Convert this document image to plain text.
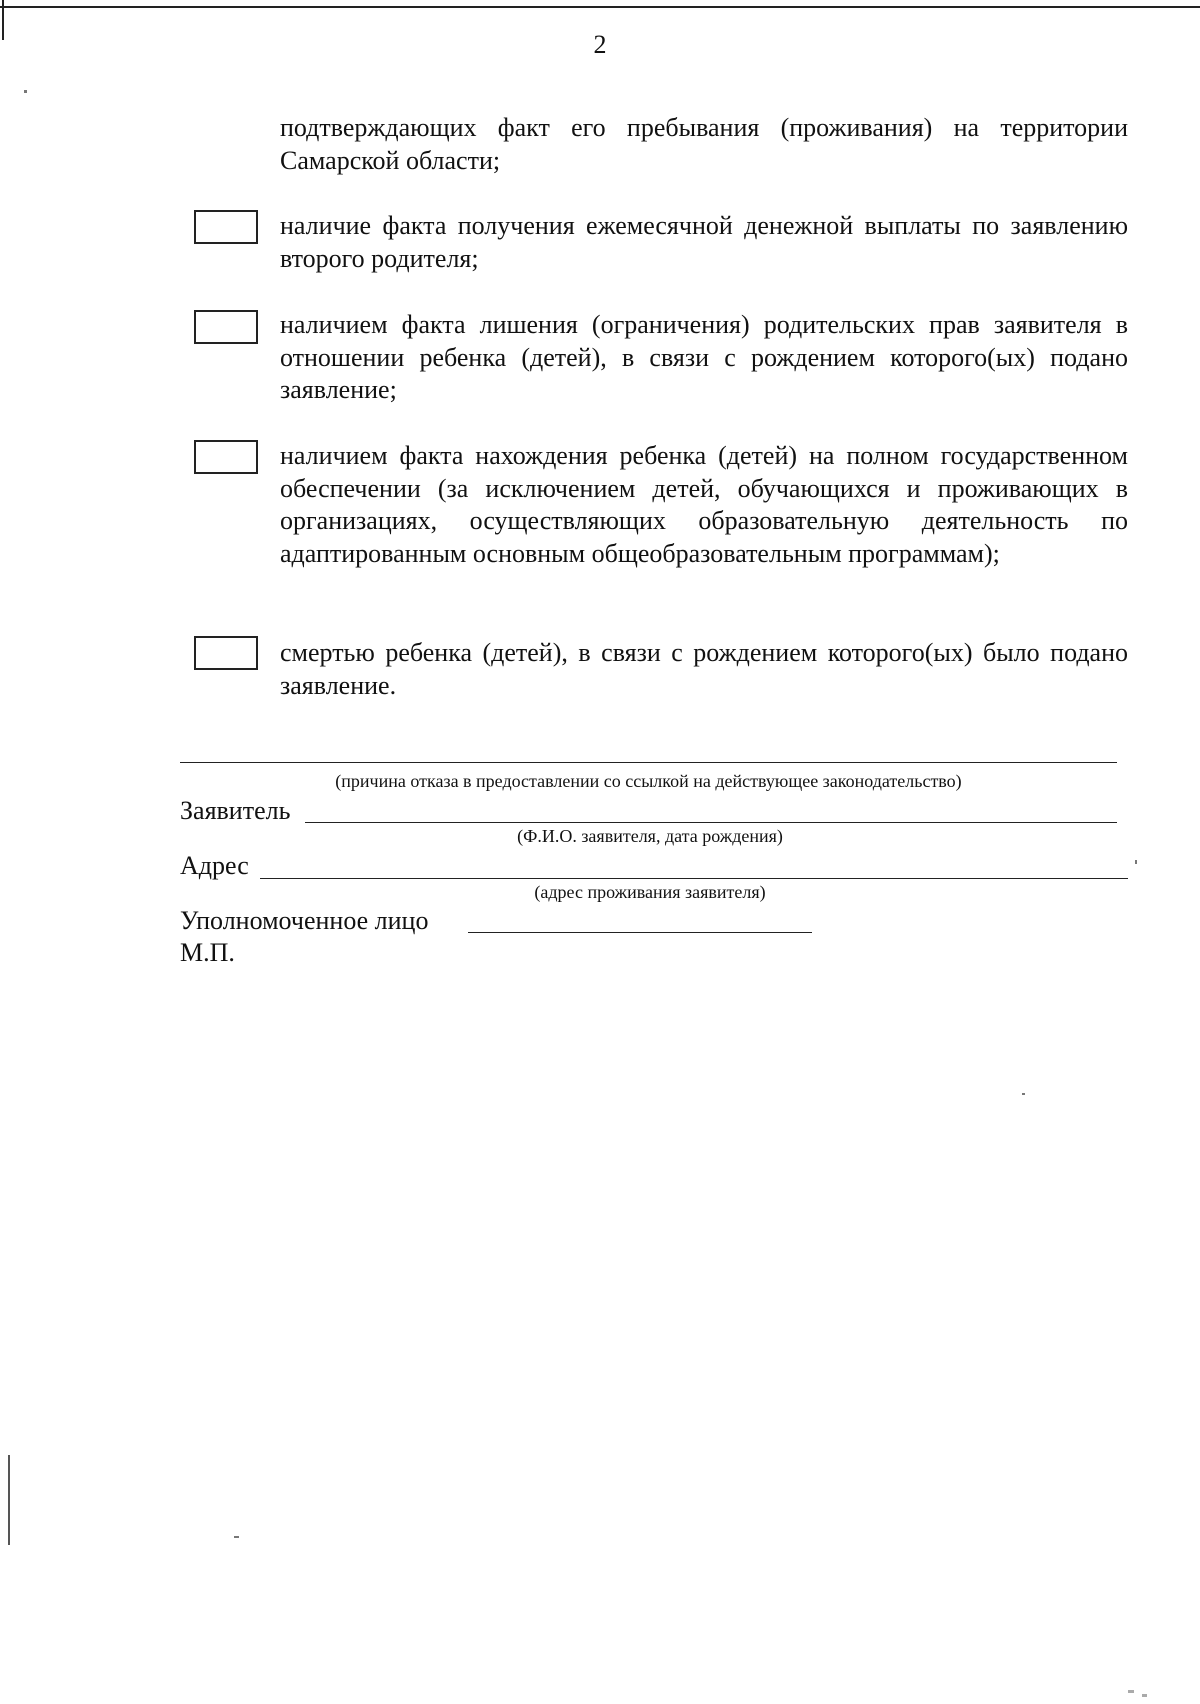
2
подтверждающих факт его пребывания (проживания) на территории Самарской области;
наличие факта получения ежемесячной денежной выплаты по заявлению второго родителя;
наличием факта лишения (ограничения) родительских прав заявителя в отношении ребенка (детей), в связи с рождением которого(ых) подано заявление;
наличием факта нахождения ребенка (детей) на полном государственном обеспечении (за исключением детей, обучающихся и проживающих в организациях, осуществляющих образовательную деятельность по адаптированным основным общеобразовательным программам);
смертью ребенка (детей), в связи с рождением которого(ых) было подано заявление.
(причина отказа в предоставлении со ссылкой на действующее законодательство)
Заявитель
(Ф.И.О. заявителя, дата рождения)
Адрес
(адрес проживания заявителя)
Уполномоченное лицо
М.П.
